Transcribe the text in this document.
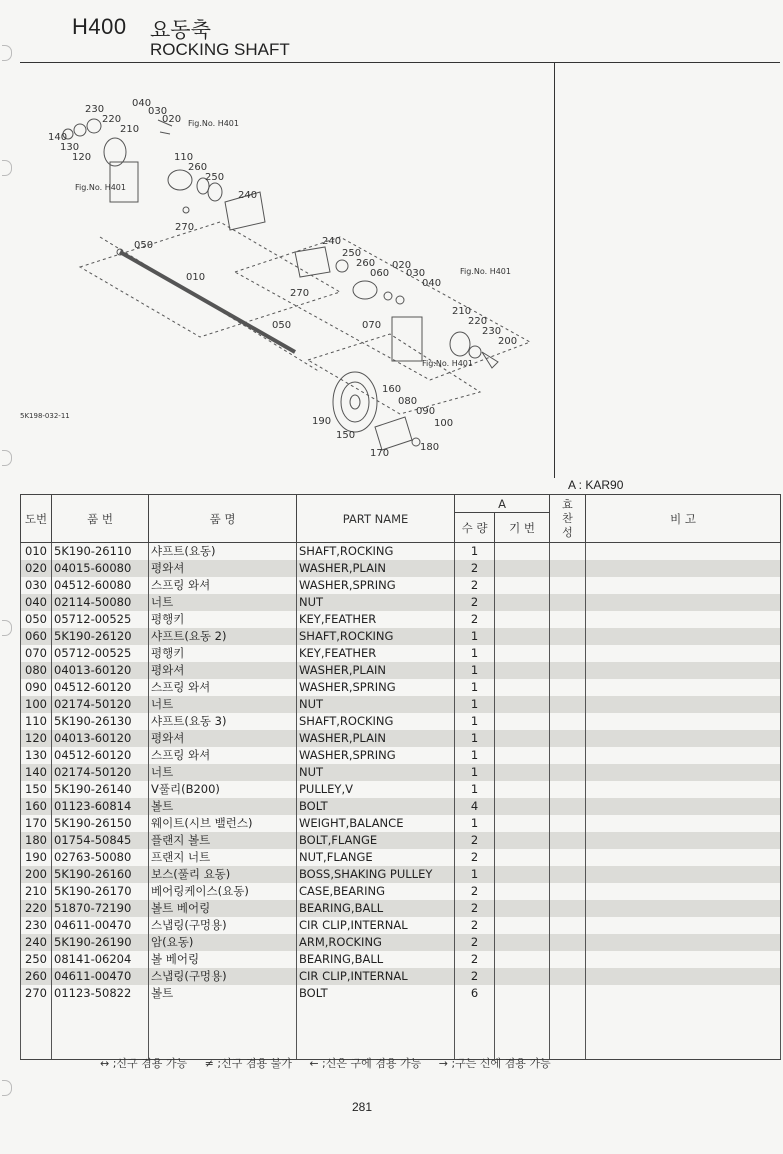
H400 요동축
ROCKING SHAFT
230
040
030
020
220
210
140
130
120	110
260
250
240
270
050
010
050
240
250
260
060
020
030
040
270
070
210
220
230
200
160
080
090
100
190
150
170
180
5K198-032-11
Fig.No. H401
Fig.No. H401
Fig.No. H401
Fig.No. H401
A : KAR90
도번	품 번	품 명	PART NAME	A		효 찬 성	비 고
				수 량	기 번		
010	5K190-26110	샤프트(요동)	SHAFT,ROCKING	1			
020	04015-60080	평와셔	WASHER,PLAIN	2			
030	04512-60080	스프링 와셔	WASHER,SPRING	2			
040	02114-50080	너트	NUT	2			
050	05712-00525	평행키	KEY,FEATHER	2			
060	5K190-26120	샤프트(요동 2)	SHAFT,ROCKING	1			
070	05712-00525	평행키	KEY,FEATHER	1			
080	04013-60120	평와셔	WASHER,PLAIN	1			
090	04512-60120	스프링 와셔	WASHER,SPRING	1			
100	02174-50120	너트	NUT	1			
110	5K190-26130	샤프트(요동 3)	SHAFT,ROCKING	1			
120	04013-60120	평와셔	WASHER,PLAIN	1			
130	04512-60120	스프링 와셔	WASHER,SPRING	1			
140	02174-50120	너트	NUT	1			
150	5K190-26140	V풀리(B200)	PULLEY,V	1			
160	01123-60814	볼트	BOLT	4			
170	5K190-26150	웨이트(시브 밸런스)	WEIGHT,BALANCE	1			
180	01754-50845	플랜지 볼트	BOLT,FLANGE	2			
190	02763-50080	프랜지 너트	NUT,FLANGE	2			
200	5K190-26160	보스(풀리 요동)	BOSS,SHAKING PULLEY	1			
210	5K190-26170	베어링케이스(요동)	CASE,BEARING	2			
220	51870-72190	볼트 베어링	BEARING,BALL	2			
230	04611-00470	스냅링(구멍용)	CIR CLIP,INTERNAL	2			
240	5K190-26190	암(요동)	ARM,ROCKING	2			
250	08141-06204	볼 베어링	BEARING,BALL	2			
260	04611-00470	스냅링(구멍용)	CIR CLIP,INTERNAL	2			
270	01123-50822	볼트	BOLT	6			

↔ ;신구 겸용 가능 ≠ ;신구 겸용 불가 ← ;신은 구에 겸용 가능 → ;구는 신에 겸용 가능
281
